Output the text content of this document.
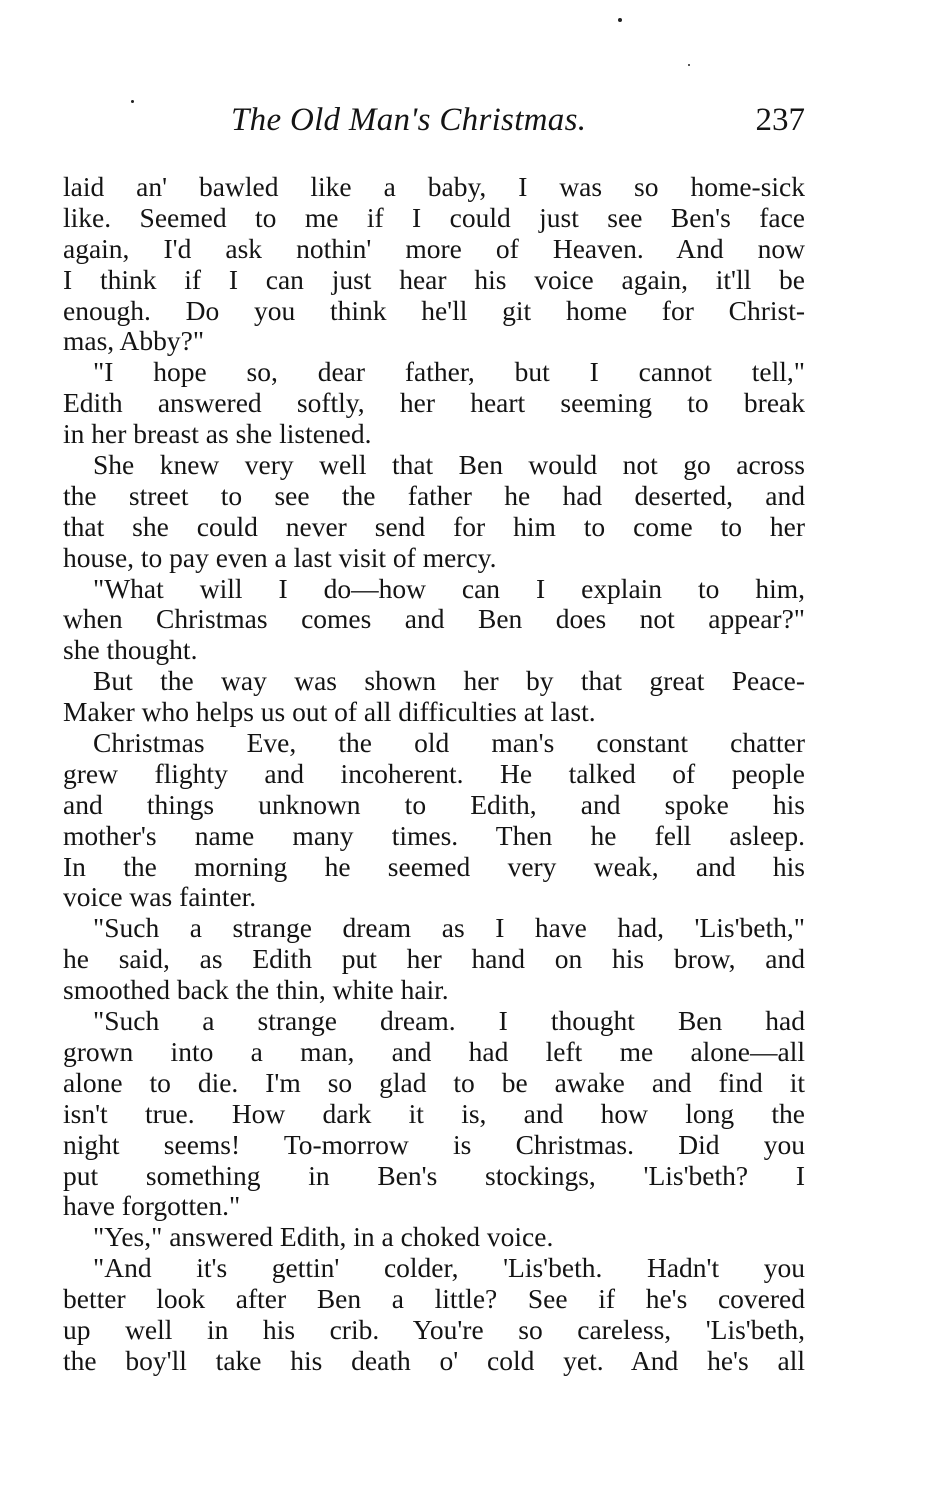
The Old Man's Christmas.	237
laid an' bawled like a baby, I was so home-sick
like. Seemed to me if I could just see Ben's face
again, I'd ask nothin' more of Heaven. And now
I think if I can just hear his voice again, it'll be
enough. Do you think he'll git home for Christ-
mas, Abby?"
"I hope so, dear father, but I cannot tell,"
Edith answered softly, her heart seeming to break
in her breast as she listened.
She knew very well that Ben would not go across
the street to see the father he had deserted, and
that she could never send for him to come to her
house, to pay even a last visit of mercy.
"What will I do—how can I explain to him,
when Christmas comes and Ben does not appear?"
she thought.
But the way was shown her by that great Peace-
Maker who helps us out of all difficulties at last.
Christmas Eve, the old man's constant chatter
grew flighty and incoherent. He talked of people
and things unknown to Edith, and spoke his
mother's name many times. Then he fell asleep.
In the morning he seemed very weak, and his
voice was fainter.
"Such a strange dream as I have had, 'Lis'beth,"
he said, as Edith put her hand on his brow, and
smoothed back the thin, white hair.
"Such a strange dream. I thought Ben had
grown into a man, and had left me alone—all
alone to die. I'm so glad to be awake and find it
isn't true. How dark it is, and how long the
night seems! To-morrow is Christmas. Did you
put something in Ben's stockings, 'Lis'beth? I
have forgotten."
"Yes," answered Edith, in a choked voice.
"And it's gettin' colder, 'Lis'beth. Hadn't you
better look after Ben a little? See if he's covered
up well in his crib. You're so careless, 'Lis'beth,
the boy'll take his death o' cold yet. And he's all
